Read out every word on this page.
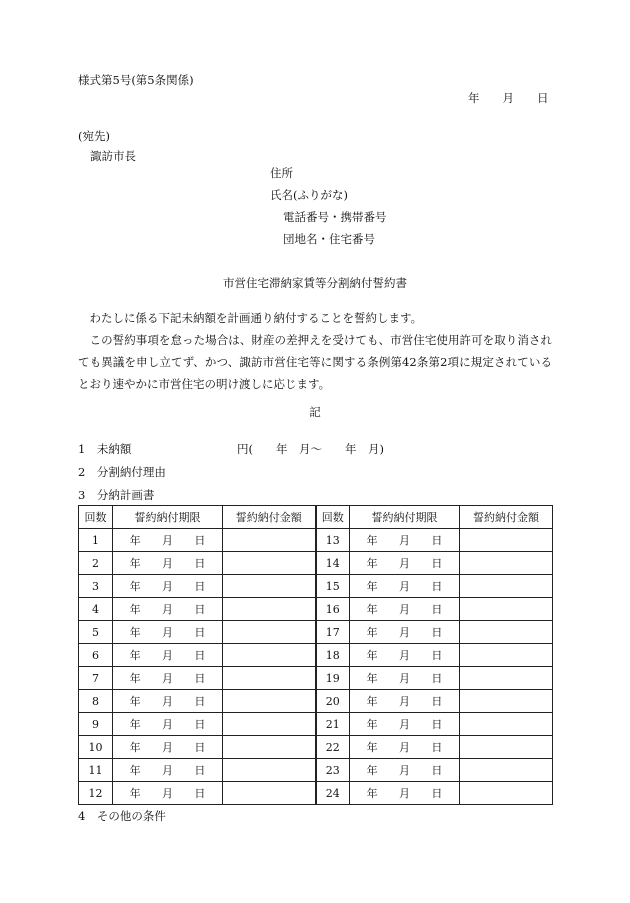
様式第5号(第5条関係)
年　　月　　日
(宛先)
諏訪市長
住所
氏名(ふりがな)
電話番号・携帯番号
団地名・住宅番号
市営住宅滞納家賃等分割納付誓約書

わたしに係る下記未納額を計画通り納付することを誓約します。

この誓約事項を怠った場合は、財産の差押えを受けても、市営住宅使用許可を取り消されても異議を申し立てず、かつ、諏訪市営住宅等に関する条例第42条第2項に規定されているとおり速やかに市営住宅の明け渡しに応じます。

記
1　未納額	円(　　年　月～　　年　月)
2　分割納付理由
3　分納計画書
回数	誓約納付期限	誓約納付金額	回数	誓約納付期限	誓約納付金額
1	年 月 日		13	年 月 日	

2	年 月 日		14	年 月 日	

3	年 月 日		15	年 月 日	

4	年 月 日		16	年 月 日	

5	年 月 日		17	年 月 日	

6	年 月 日		18	年 月 日	

7	年 月 日		19	年 月 日	

8	年 月 日		20	年 月 日	

9	年 月 日		21	年 月 日	

10	年 月 日		22	年 月 日	

11	年 月 日		23	年 月 日	

12	年 月 日		24	年 月 日	

4　その他の条件
